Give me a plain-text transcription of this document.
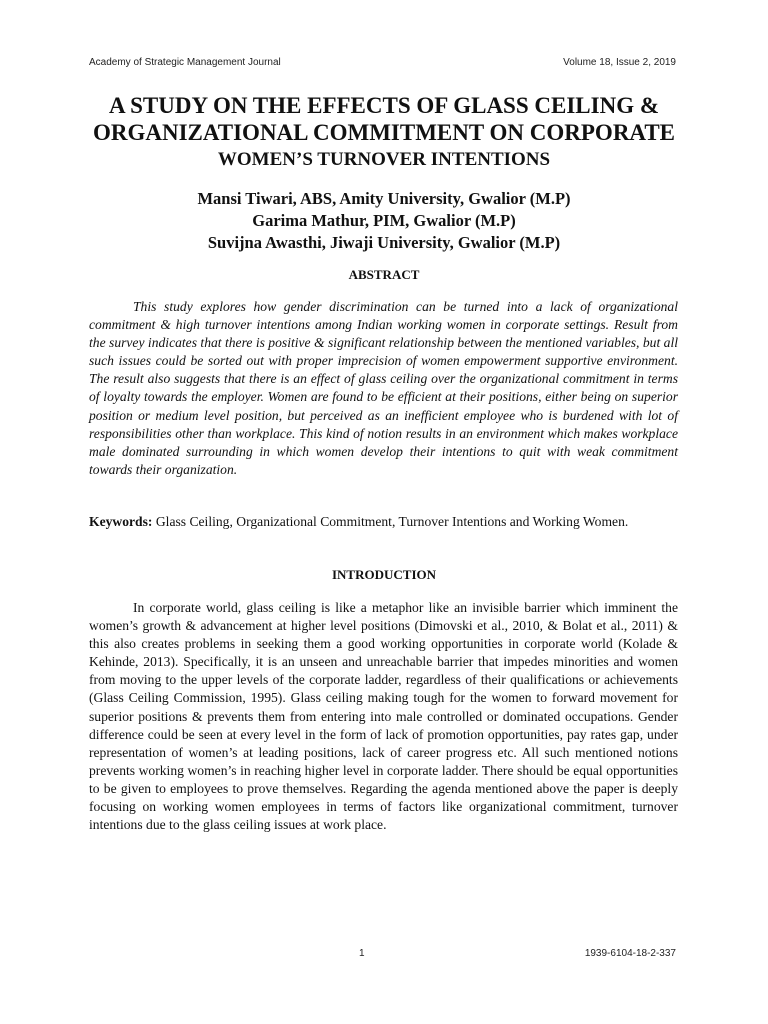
Academy of Strategic Management Journal	Volume 18, Issue 2, 2019
A STUDY ON THE EFFECTS OF GLASS CEILING &
ORGANIZATIONAL COMMITMENT ON CORPORATE
WOMEN’S TURNOVER INTENTIONS
Mansi Tiwari, ABS, Amity University, Gwalior (M.P)
Garima Mathur, PIM, Gwalior (M.P)
Suvijna Awasthi, Jiwaji University, Gwalior (M.P)
ABSTRACT

This study explores how gender discrimination can be turned into a lack of organizational commitment & high turnover intentions among Indian working women in corporate settings. Result from the survey indicates that there is positive & significant relationship between the mentioned variables, but all such issues could be sorted out with proper imprecision of women empowerment supportive environment. The result also suggests that there is an effect of glass ceiling over the organizational commitment in terms of loyalty towards the employer. Women are found to be efficient at their positions, either being on superior position or medium level position, but perceived as an inefficient employee who is burdened with lot of responsibilities other than workplace. This kind of notion results in an environment which makes workplace male dominated surrounding in which women develop their intentions to quit with weak commitment towards their organization.

Keywords: Glass Ceiling, Organizational Commitment, Turnover Intentions and Working Women.

INTRODUCTION

In corporate world, glass ceiling is like a metaphor like an invisible barrier which imminent the women’s growth & advancement at higher level positions (Dimovski et al., 2010, & Bolat et al., 2011) & this also creates problems in seeking them a good working opportunities in corporate world (Kolade & Kehinde, 2013). Specifically, it is an unseen and unreachable barrier that impedes minorities and women from moving to the upper levels of the corporate ladder, regardless of their qualifications or achievements (Glass Ceiling Commission, 1995). Glass ceiling making tough for the women to forward movement for superior positions & prevents them from entering into male controlled or dominated occupations. Gender difference could be seen at every level in the form of lack of promotion opportunities, pay rates gap, under representation of women’s at leading positions, lack of career progress etc. All such mentioned notions prevents working women’s in reaching higher level in corporate ladder. There should be equal opportunities to be given to employees to prove themselves. Regarding the agenda mentioned above the paper is deeply focusing on working women employees in terms of factors like organizational commitment, turnover intentions due to the glass ceiling issues at work place.

1	1939-6104-18-2-337
